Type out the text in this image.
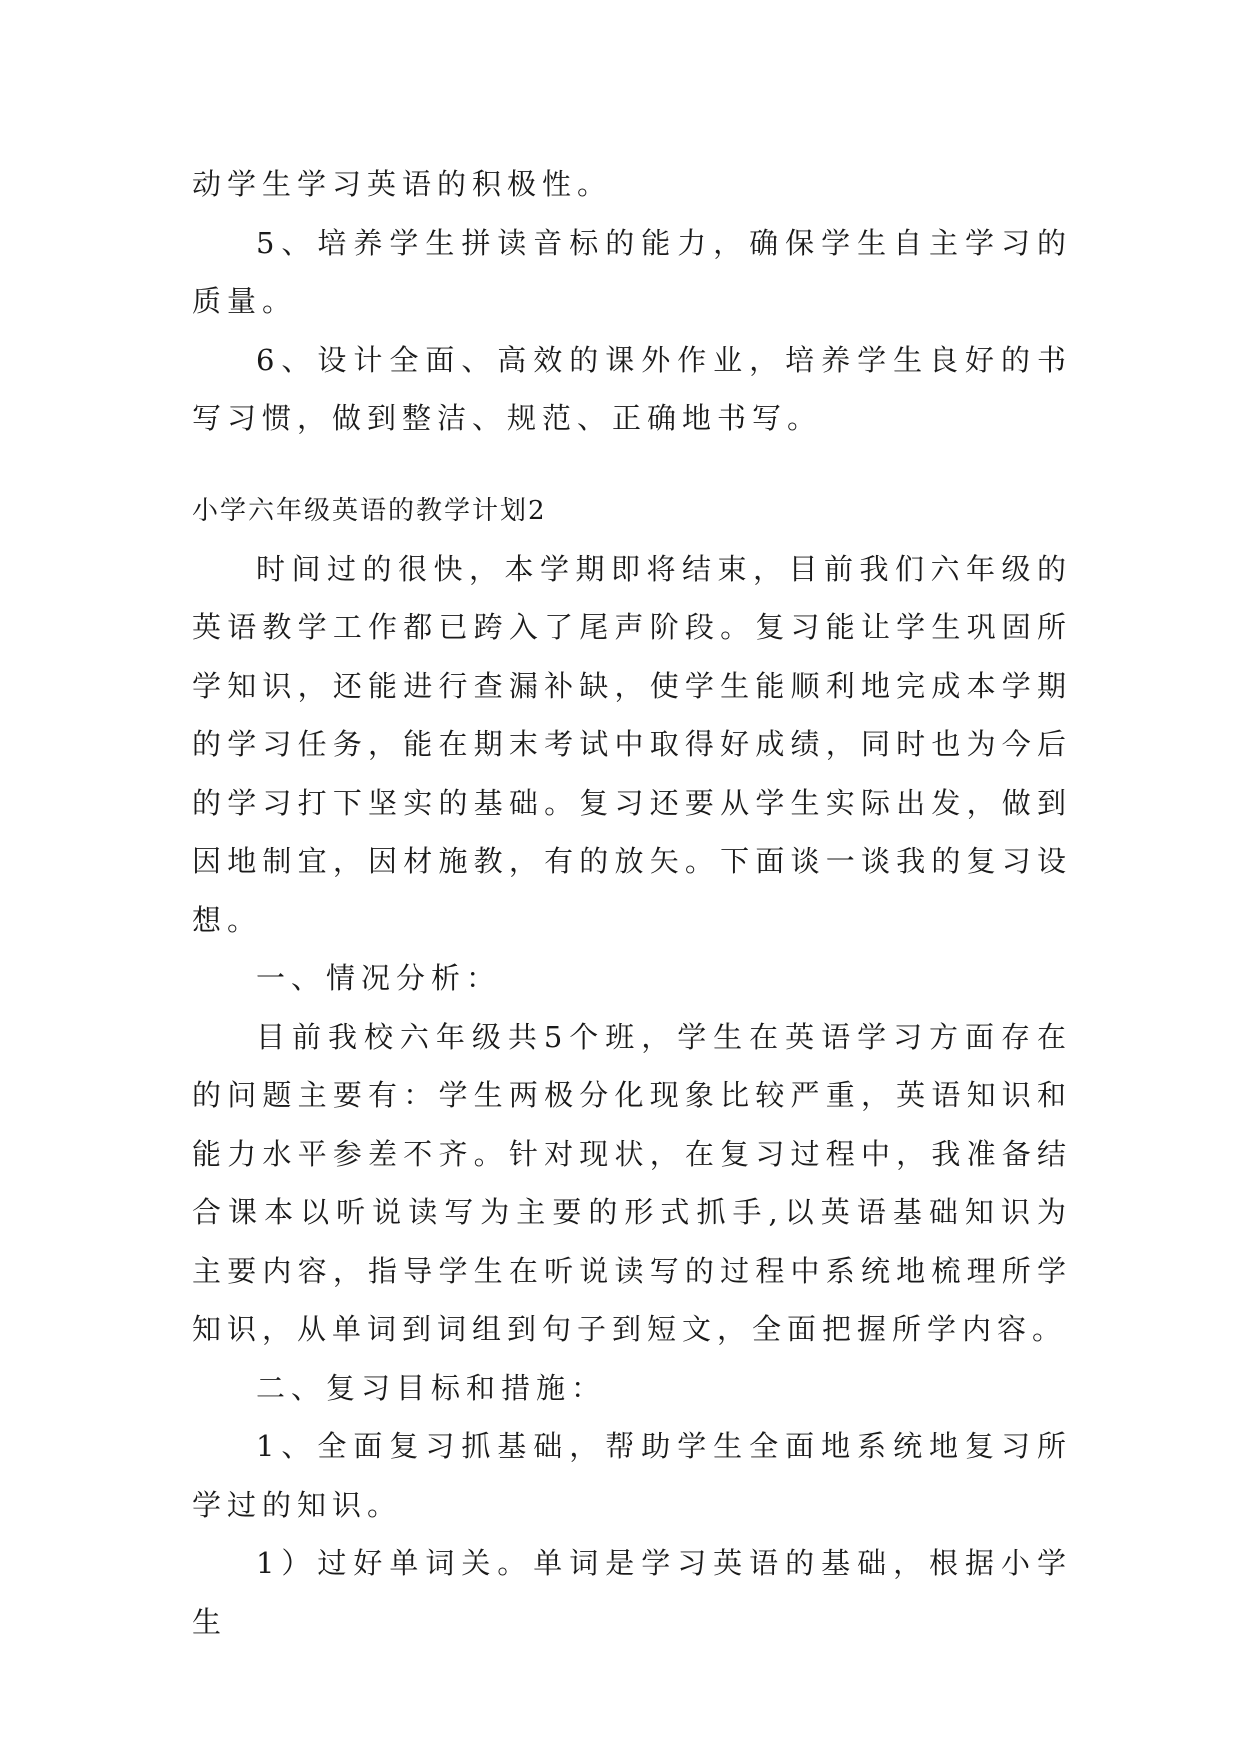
动学生学习英语的积极性。

5、培养学生拼读音标的能力，确保学生自主学习的质量。

6、设计全面、高效的课外作业，培养学生良好的书写习惯，做到整洁、规范、正确地书写。

小学六年级英语的教学计划2

时间过的很快，本学期即将结束，目前我们六年级的英语教学工作都已跨入了尾声阶段。复习能让学生巩固所学知识，还能进行查漏补缺，使学生能顺利地完成本学期的学习任务，能在期末考试中取得好成绩，同时也为今后的学习打下坚实的基础。复习还要从学生实际出发，做到因地制宜，因材施教，有的放矢。下面谈一谈我的复习设想。

一、情况分析：

目前我校六年级共5个班，学生在英语学习方面存在的问题主要有：学生两极分化现象比较严重，英语知识和能力水平参差不齐。针对现状，在复习过程中，我准备结合课本以听说读写为主要的形式抓手,以英语基础知识为主要内容，指导学生在听说读写的过程中系统地梳理所学知识，从单词到词组到句子到短文，全面把握所学内容。

二、复习目标和措施：

1、全面复习抓基础，帮助学生全面地系统地复习所学过的知识。

1）过好单词关。单词是学习英语的基础，根据小学生
